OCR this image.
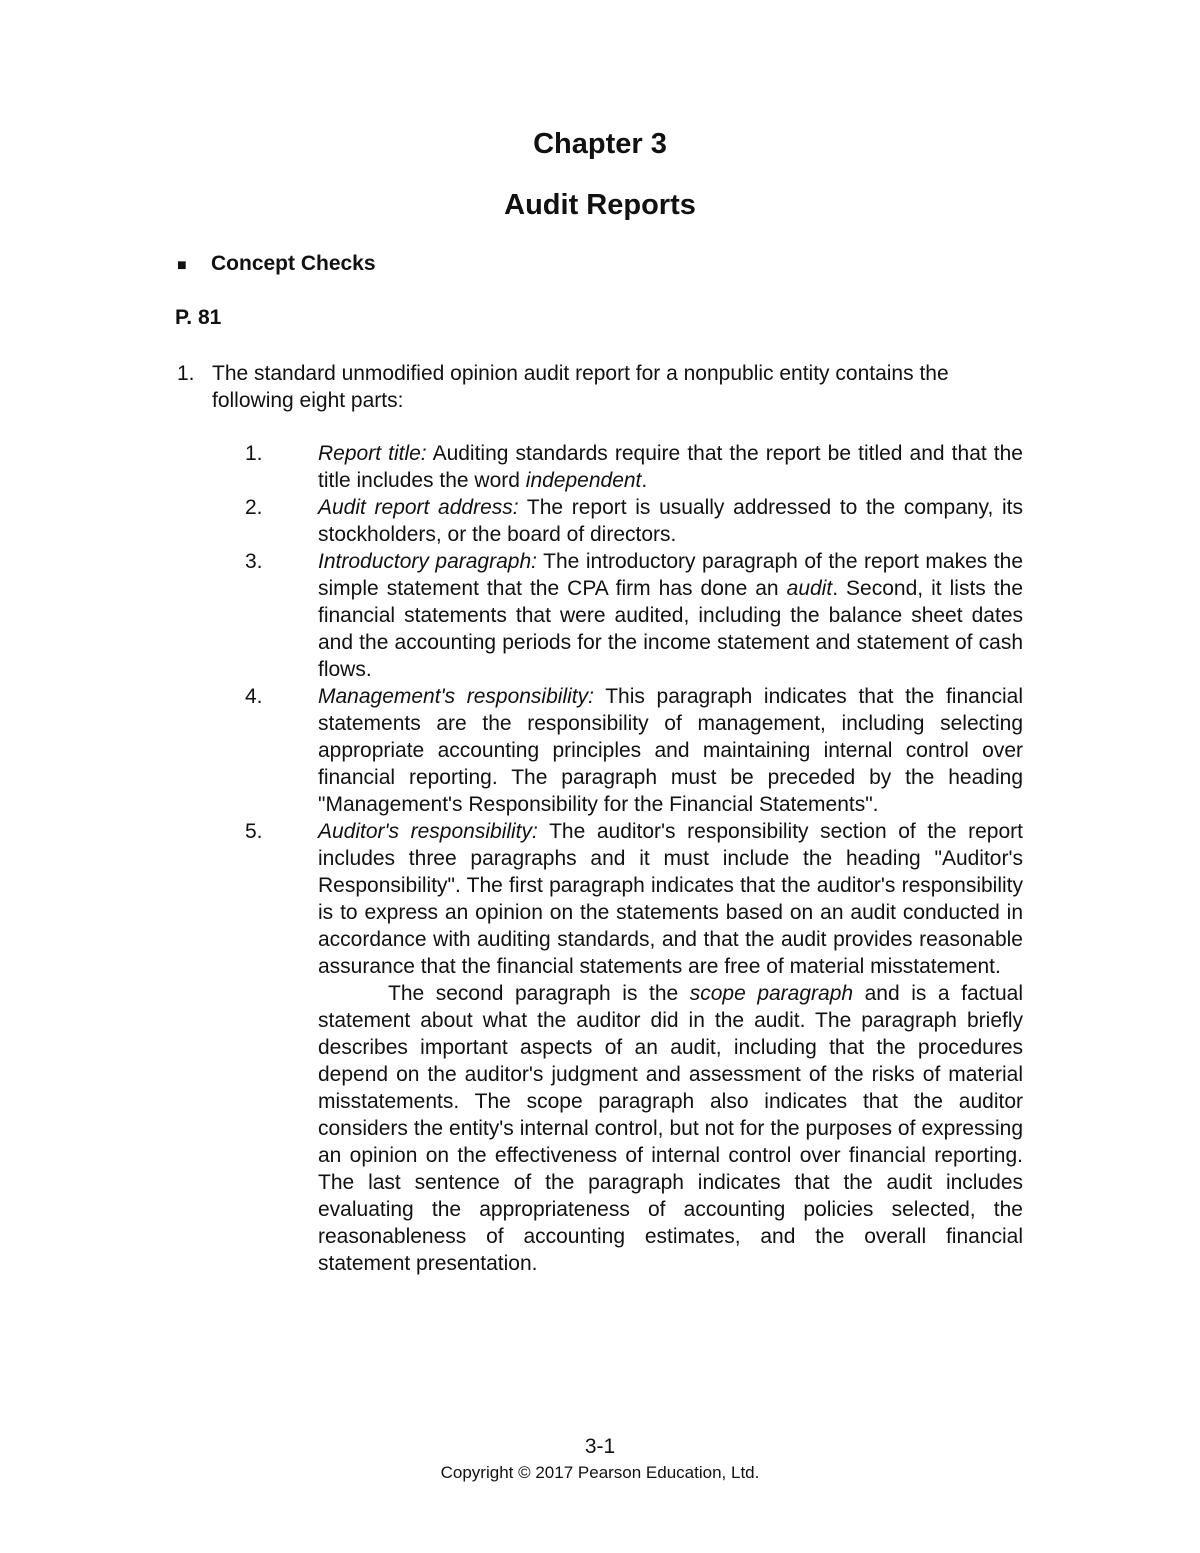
Chapter 3
Audit Reports
■ Concept Checks
P. 81
1. The standard unmodified opinion audit report for a nonpublic entity contains the following eight parts:
1.	Report title: Auditing standards require that the report be titled and that the title includes the word independent.

2.	Audit report address: The report is usually addressed to the company, its stockholders, or the board of directors.

3.	Introductory paragraph: The introductory paragraph of the report makes the simple statement that the CPA firm has done an audit. Second, it lists the financial statements that were audited, including the balance sheet dates and the accounting periods for the income statement and statement of cash flows.

4.	Management's responsibility: This paragraph indicates that the financial statements are the responsibility of management, including selecting appropriate accounting principles and maintaining internal control over financial reporting. The paragraph must be preceded by the heading "Management's Responsibility for the Financial Statements".

5.	Auditor's responsibility: The auditor's responsibility section of the report includes three paragraphs and it must include the heading "Auditor's Responsibility". The first paragraph indicates that the auditor's responsibility is to express an opinion on the statements based on an audit conducted in accordance with auditing standards, and that the audit provides reasonable assurance that the financial statements are free of material misstatement.

The second paragraph is the scope paragraph and is a factual statement about what the auditor did in the audit. The paragraph briefly describes important aspects of an audit, including that the procedures depend on the auditor's judgment and assessment of the risks of material misstatements. The scope paragraph also indicates that the auditor considers the entity's internal control, but not for the purposes of expressing an opinion on the effectiveness of internal control over financial reporting. The last sentence of the paragraph indicates that the audit includes evaluating the appropriateness of accounting policies selected, the reasonableness of accounting estimates, and the overall financial statement presentation.

3-1
Copyright © 2017 Pearson Education, Ltd.
